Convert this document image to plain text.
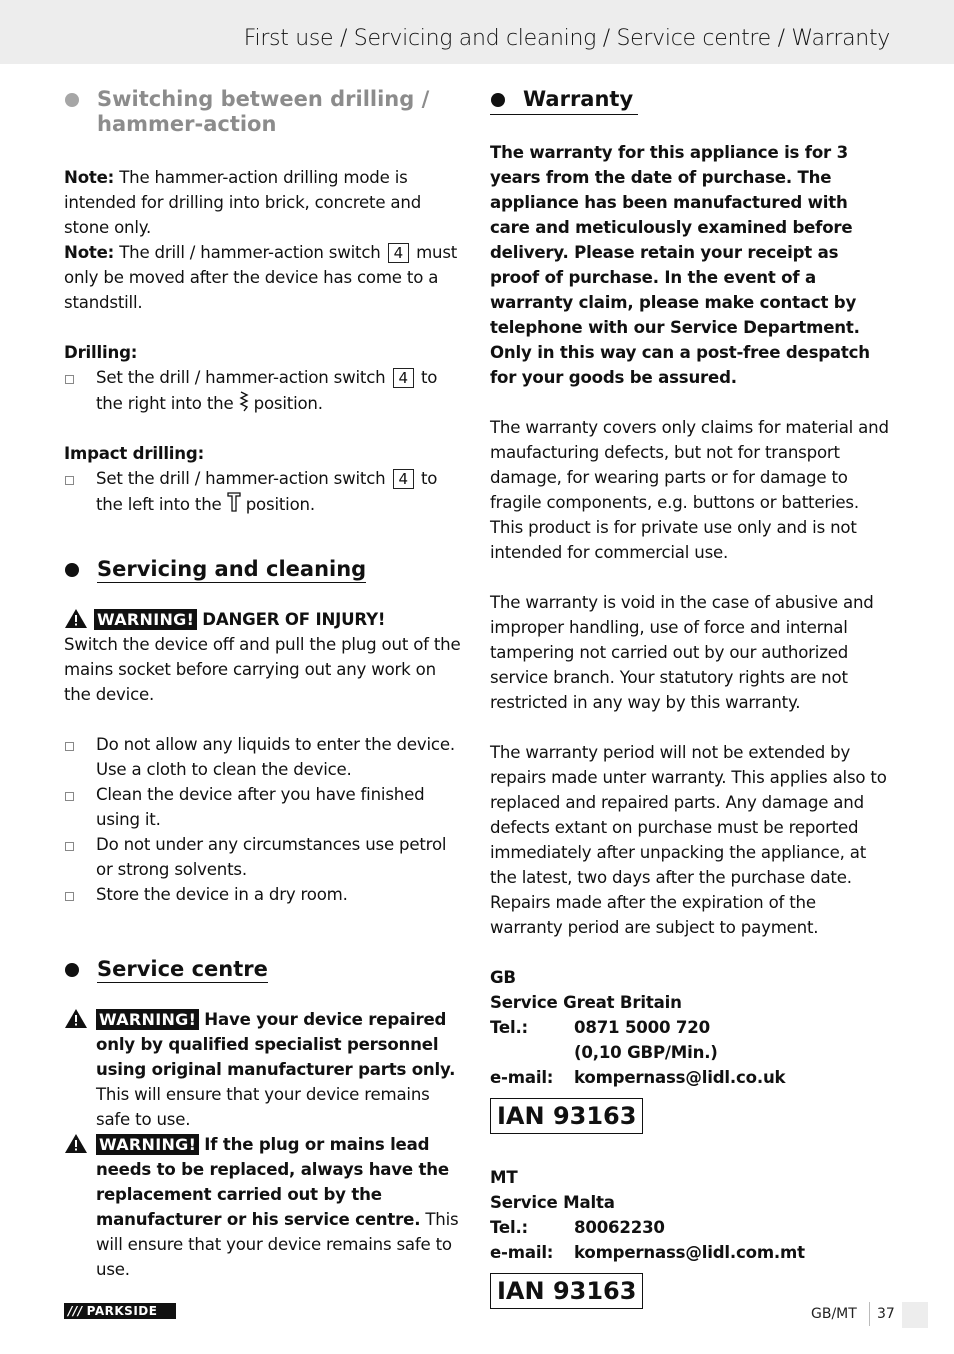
First use / Servicing and cleaning / Service centre / Warranty
Switching between drilling / hammer-action

Note: The hammer-action drilling mode is intended for drilling into brick, concrete and stone only.

Note: The drill / hammer-action switch 4 must only be moved after the device has come to a standstill.

Drilling:

Set the drill / hammer-action switch 4 to the right into the position.

Impact drilling:

Set the drill / hammer-action switch 4 to the left into the position.

Servicing and cleaning

WARNING! DANGER OF INJURY!

Switch the device off and pull the plug out of the mains socket before carrying out any work on the device.

Do not allow any liquids to enter the device. Use a cloth to clean the device.

Clean the device after you have finished using it.

Do not under any circumstances use petrol or strong solvents.

Store the device in a dry room.

Service centre

WARNING! Have your device repaired only by qualified specialist personnel using original manufacturer parts only. This will ensure that your device remains safe to use.

WARNING! If the plug or mains lead needs to be replaced, always have the replacement carried out by the manufacturer or his service centre. This will ensure that your device remains safe to use.

Warranty

The warranty for this appliance is for 3 years from the date of purchase. The appliance has been manufactured with care and meticulously examined before delivery. Please retain your receipt as proof of purchase. In the event of a warranty claim, please make contact by telephone with our Service Department. Only in this way can a post-free despatch for your goods be assured.

The warranty covers only claims for material and maufacturing defects, but not for transport damage, for wearing parts or for damage to fragile components, e.g. buttons or batteries. This product is for private use only and is not intended for commercial use.

The warranty is void in the case of abusive and improper handling, use of force and internal tampering not carried out by our authorized service branch. Your statutory rights are not restricted in any way by this warranty.

The warranty period will not be extended by repairs made unter warranty. This applies also to replaced and repaired parts. Any damage and defects extant on purchase must be reported immediately after unpacking the appliance, at the latest, two days after the purchase date. Repairs made after the expiration of the warranty period are subject to payment.

GB

Service Great Britain

Tel.:	0871 5000 720

(0,10 GBP/Min.)

e-mail: kompernass@lidl.co.uk

IAN 93163

MT

Service Malta

Tel.:	80062230

e-mail: kompernass@lidl.com.mt

IAN 93163
/// PARKSIDE	GB/MT 37
